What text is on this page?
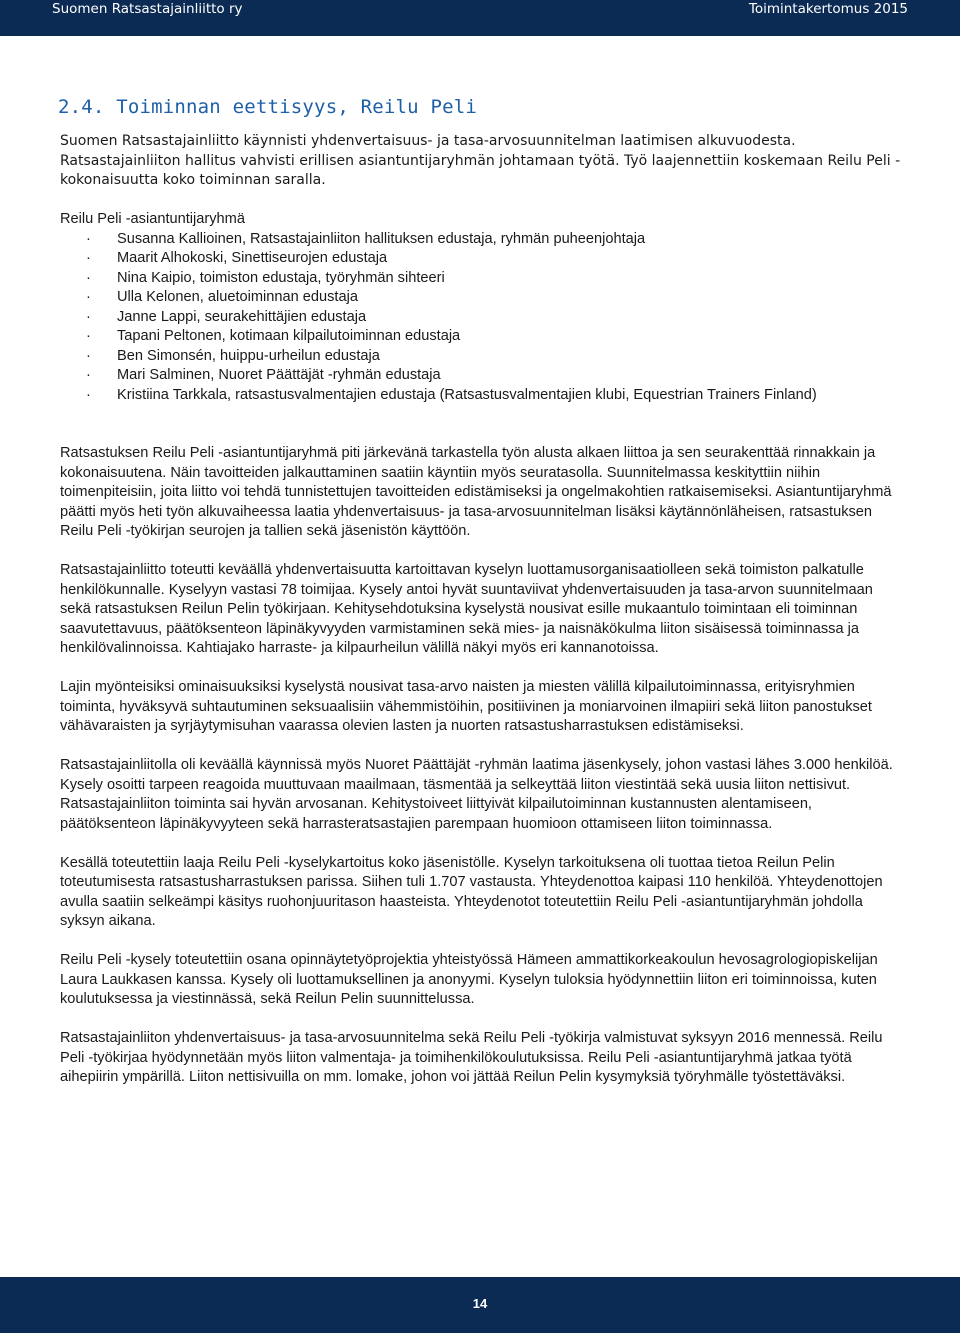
Suomen Ratsastajainliitto ry	Toimintakertomus 2015
2.4. Toiminnan eettisyys, Reilu Peli

Suomen Ratsastajainliitto käynnisti yhdenvertaisuus- ja tasa-arvosuunnitelman laatimisen alkuvuodesta. Ratsastajainliiton hallitus vahvisti erillisen asiantuntijaryhmän johtamaan työtä. Työ laajennettiin koskemaan Reilu Peli -kokonaisuutta koko toiminnan saralla.

Reilu Peli -asiantuntijaryhmä

· Susanna Kallioinen, Ratsastajainliiton hallituksen edustaja, ryhmän puheenjohtaja
· Maarit Alhokoski, Sinettiseurojen edustaja
· Nina Kaipio, toimiston edustaja, työryhmän sihteeri
· Ulla Kelonen, aluetoiminnan edustaja
· Janne Lappi, seurakehittäjien edustaja
· Tapani Peltonen, kotimaan kilpailutoiminnan edustaja
· Ben Simonsén, huippu-urheilun edustaja
· Mari Salminen, Nuoret Päättäjät -ryhmän edustaja
· Kristiina Tarkkala, ratsastusvalmentajien edustaja (Ratsastusvalmentajien klubi, Equestrian Trainers Finland)

Ratsastuksen Reilu Peli -asiantuntijaryhmä piti järkevänä tarkastella työn alusta alkaen liittoa ja sen seurakenttää rinnakkain ja kokonaisuutena. Näin tavoitteiden jalkauttaminen saatiin käyntiin myös seuratasolla. Suunnitelmassa keskityttiin niihin toimenpiteisiin, joita liitto voi tehdä tunnistettujen tavoitteiden edistämiseksi ja ongelmakohtien ratkaisemiseksi. Asiantuntijaryhmä päätti myös heti työn alkuvaiheessa laatia yhdenvertaisuus- ja tasa-arvosuunnitelman lisäksi käytännönläheisen, ratsastuksen Reilu Peli -työkirjan seurojen ja tallien sekä jäsenistön käyttöön.

Ratsastajainliitto toteutti keväällä yhdenvertaisuutta kartoittavan kyselyn luottamusorganisaatiolleen sekä toimiston palkatulle henkilökunnalle. Kyselyyn vastasi 78 toimijaa. Kysely antoi hyvät suuntaviivat yhdenvertaisuuden ja tasa-arvon suunnitelmaan sekä ratsastuksen Reilun Pelin työkirjaan. Kehitysehdotuksina kyselystä nousivat esille mukaantulo toimintaan eli toiminnan saavutettavuus, päätöksenteon läpinäkyvyyden varmistaminen sekä mies- ja naisnäkökulma liiton sisäisessä toiminnassa ja henkilövalinnoissa. Kahtiajako harraste- ja kilpaurheilun välillä näkyi myös eri kannanotoissa.

Lajin myönteisiksi ominaisuuksiksi kyselystä nousivat tasa-arvo naisten ja miesten välillä kilpailutoiminnassa, erityisryhmien toiminta, hyväksyvä suhtautuminen seksuaalisiin vähemmistöihin, positiivinen ja moniarvoinen ilmapiiri sekä liiton panostukset vähävaraisten ja syrjäytymisuhan vaarassa olevien lasten ja nuorten ratsastusharrastuksen edistämiseksi.

Ratsastajainliitolla oli keväällä käynnissä myös Nuoret Päättäjät -ryhmän laatima jäsenkysely, johon vastasi lähes 3.000 henkilöä. Kysely osoitti tarpeen reagoida muuttuvaan maailmaan, täsmentää ja selkeyttää liiton viestintää sekä uusia liiton nettisivut. Ratsastajainliiton toiminta sai hyvän arvosanan. Kehitystoiveet liittyivät kilpailutoiminnan kustannusten alentamiseen, päätöksenteon läpinäkyvyyteen sekä harrasteratsastajien parempaan huomioon ottamiseen liiton toiminnassa.

Kesällä toteutettiin laaja Reilu Peli -kyselykartoitus koko jäsenistölle. Kyselyn tarkoituksena oli tuottaa tietoa Reilun Pelin toteutumisesta ratsastusharrastuksen parissa. Siihen tuli 1.707 vastausta. Yhteydenottoa kaipasi 110 henkilöä. Yhteydenottojen avulla saatiin selkeämpi käsitys ruohonjuuritason haasteista. Yhteydenotot toteutettiin Reilu Peli -asiantuntijaryhmän johdolla syksyn aikana.

Reilu Peli -kysely toteutettiin osana opinnäytetyöprojektia yhteistyössä Hämeen ammattikorkeakoulun hevosagrologiopiskelijan Laura Laukkasen kanssa. Kysely oli luottamuksellinen ja anonyymi. Kyselyn tuloksia hyödynnettiin liiton eri toiminnoissa, kuten koulutuksessa ja viestinnässä, sekä Reilun Pelin suunnittelussa.

Ratsastajainliiton yhdenvertaisuus- ja tasa-arvosuunnitelma sekä Reilu Peli -työkirja valmistuvat syksyyn 2016 mennessä. Reilu Peli -työkirjaa hyödynnetään myös liiton valmentaja- ja toimihenkilökoulutuksissa. Reilu Peli -asiantuntijaryhmä jatkaa työtä aihepiirin ympärillä. Liiton nettisivuilla on mm. lomake, johon voi jättää Reilun Pelin kysymyksiä työryhmälle työstettäväksi.

14
